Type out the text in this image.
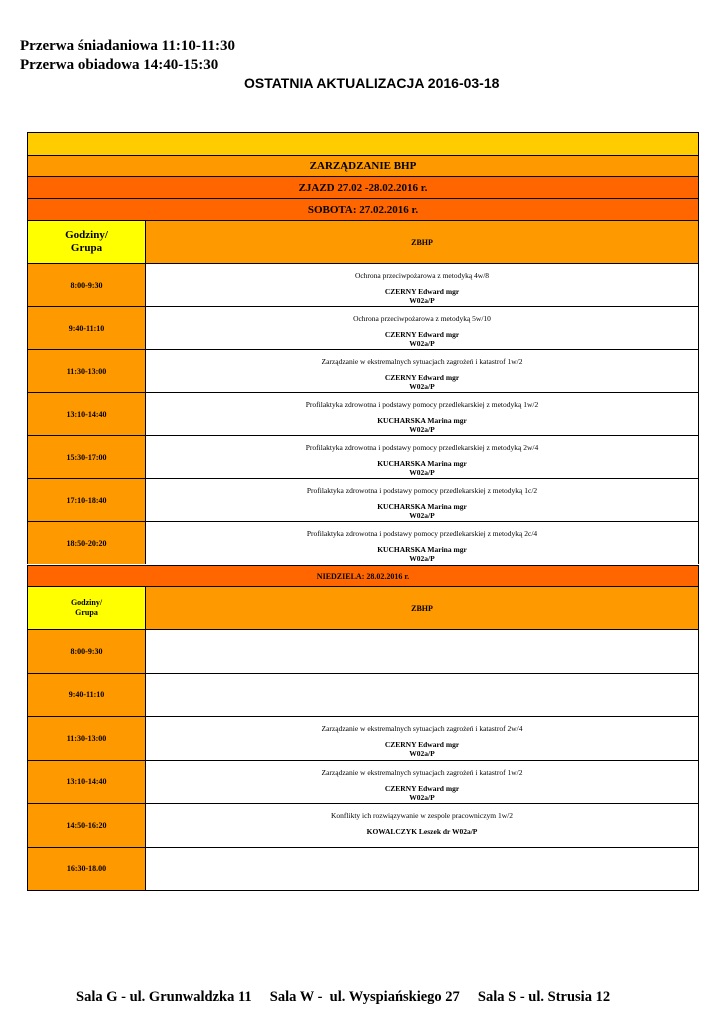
Przerwa śniadaniowa 11:10-11:30
Przerwa obiadowa 14:40-15:30
OSTATNIA AKTUALIZACJA 2016-03-18
ZARZĄDZANIE BHP
ZJAZD 27.02 -28.02.2016 r.
SOBOTA: 27.02.2016 r.
Godziny/
Grupa	ZBHP
8:00-9:30
Ochrona przeciwpożarowa z metodyką 4w/8
CZERNY Edward mgr
W02a/P
9:40-11:10
Ochrona przeciwpożarowa z metodyką 5w/10
CZERNY Edward mgr
W02a/P
11:30-13:00
Zarządzanie w ekstremalnych sytuacjach zagrożeń i katastrof 1w/2
CZERNY Edward mgr
W02a/P
13:10-14:40
Profilaktyka zdrowotna i podstawy pomocy przedlekarskiej z metodyką 1w/2
KUCHARSKA Marina mgr
W02a/P
15:30-17:00
Profilaktyka zdrowotna i podstawy pomocy przedlekarskiej z metodyką 2w/4
KUCHARSKA Marina mgr
W02a/P
17:10-18:40
Profilaktyka zdrowotna i podstawy pomocy przedlekarskiej z metodyką 1c/2
KUCHARSKA Marina mgr
W02a/P
18:50-20:20
Profilaktyka zdrowotna i podstawy pomocy przedlekarskiej z metodyką 2c/4
KUCHARSKA Marina mgr
W02a/P
NIEDZIELA: 28.02.2016 r.
Godziny/
Grupa	ZBHP
8:00-9:30
9:40-11:10
11:30-13:00
Zarządzanie w ekstremalnych sytuacjach zagrożeń i katastrof 2w/4
CZERNY Edward mgr
W02a/P
13:10-14:40
Zarządzanie w ekstremalnych sytuacjach zagrożeń i katastrof 1w/2
CZERNY Edward mgr
W02a/P
14:50-16:20
Konflikty ich rozwiązywanie w zespole pracowniczym 1w/2
KOWALCZYK Leszek dr W02a/P
16:30-18.00
Sala G - ul. Grunwaldzka 11     Sala W -  ul. Wyspiańskiego 27     Sala S - ul. Strusia 12
